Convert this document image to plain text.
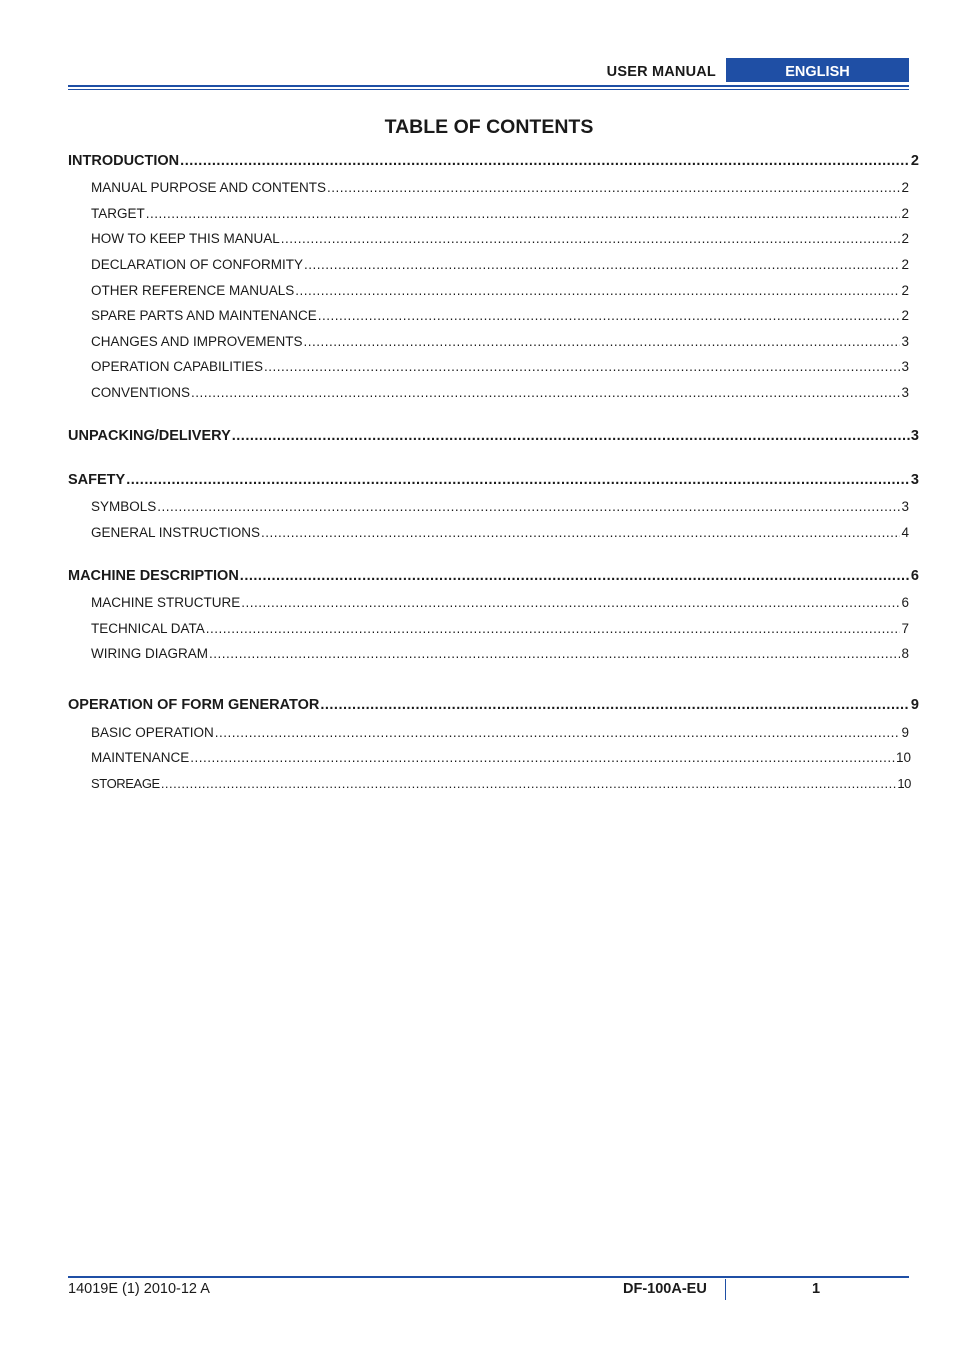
USER MANUAL	ENGLISH
TABLE OF CONTENTS
INTRODUCTION .....	2
MANUAL PURPOSE AND CONTENTS .....	2
TARGET .....	2
HOW TO KEEP THIS MANUAL .....	2
DECLARATION OF CONFORMITY .....	2
OTHER REFERENCE MANUALS .....	2
SPARE PARTS AND MAINTENANCE .....	2
CHANGES AND IMPROVEMENTS .....	3
OPERATION CAPABILITIES .....	3
CONVENTIONS .....	3
UNPACKING/DELIVERY .....	3
SAFETY .....	3
SYMBOLS .....	3
GENERAL INSTRUCTIONS .....	4
MACHINE DESCRIPTION .....	6
MACHINE STRUCTURE .....	6
TECHNICAL DATA .....	7
WIRING DIAGRAM .....	8
OPERATION OF FORM GENERATOR .....	9
BASIC OPERATION .....	9
MAINTENANCE .....	10
STOREAGE .....	10
14019E (1) 2010-12 A	DF-100A-EU	1
